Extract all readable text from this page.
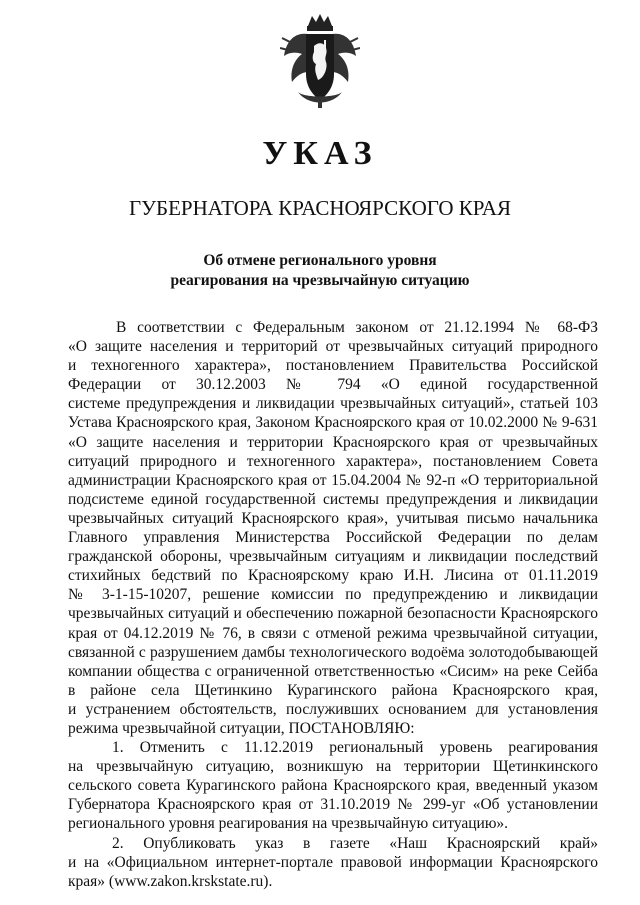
УКАЗ
ГУБЕРНАТОРА КРАСНОЯРСКОГО КРАЯ
Об отмене регионального уровня
реагирования на чрезвычайную ситуацию

В соответствии с Федеральным законом от 21.12.1994 № 68-ФЗ
«О защите населения и территорий от чрезвычайных ситуаций природного
и техногенного характера», постановлением Правительства Российской
Федерации от 30.12.2003 № 794 «О единой государственной
системе предупреждения и ликвидации чрезвычайных ситуаций», статьей 103
Устава Красноярского края, Законом Красноярского края от 10.02.2000 № 9-631
«О защите населения и территории Красноярского края от чрезвычайных
ситуаций природного и техногенного характера», постановлением Совета
администрации Красноярского края от 15.04.2004 № 92-п «О территориальной
подсистеме единой государственной системы предупреждения и ликвидации
чрезвычайных ситуаций Красноярского края», учитывая письмо начальника
Главного управления Министерства Российской Федерации по делам
гражданской обороны, чрезвычайным ситуациям и ликвидации последствий
стихийных бедствий по Красноярскому краю И.Н. Лисина от 01.11.2019
№ 3-1-15-10207, решение комиссии по предупреждению и ликвидации
чрезвычайных ситуаций и обеспечению пожарной безопасности Красноярского
края от 04.12.2019 № 76, в связи с отменой режима чрезвычайной ситуации,
связанной с разрушением дамбы технологического водоёма золотодобывающей
компании общества с ограниченной ответственностью «Сисим» на реке Сейба
в районе села Щетинкино Курагинского района Красноярского края,
и устранением обстоятельств, послуживших основанием для установления
режима чрезвычайной ситуации, ПОСТАНОВЛЯЮ:

1. Отменить с 11.12.2019 региональный уровень реагирования
на чрезвычайную ситуацию, возникшую на территории Щетинкинского
сельского совета Курагинского района Красноярского края, введенный указом
Губернатора Красноярского края от 31.10.2019 № 299-уг «Об установлении
регионального уровня реагирования на чрезвычайную ситуацию».

2. Опубликовать указ в газете «Наш Красноярский край»
и на «Официальном интернет-портале правовой информации Красноярского
края» (www.zakon.krskstate.ru).
